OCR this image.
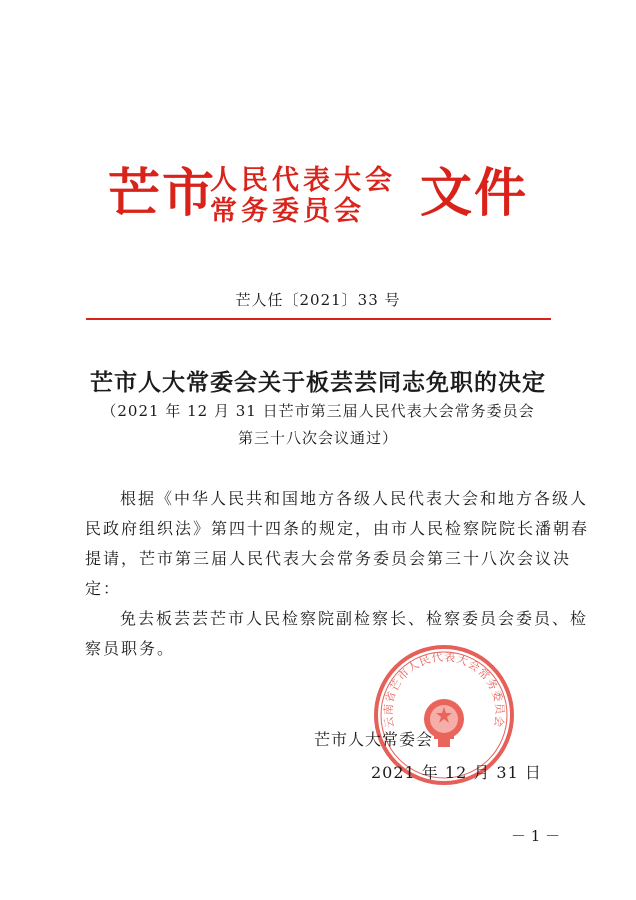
芒市
人民代表大会
常务委员会 文件
芒人任〔2021〕33 号
芒市人大常委会关于板芸芸同志免职的决定
（2021 年 12 月 31 日芒市第三届人民代表大会常务委员会
第三十八次会议通过）
根据《中华人民共和国地方各级人民代表大会和地方各级人
民政府组织法》第四十四条的规定，由市人民检察院院长潘朝春
提请，芒市第三届人民代表大会常务委员会第三十八次会议决
定：
免去板芸芸芒市人民检察院副检察长、检察委员会委员、检
察员职务。
云南省芒市人民代表大会常务委员会
芒市人大常委会
2021 年 12 月 31 日
－ 1 －
